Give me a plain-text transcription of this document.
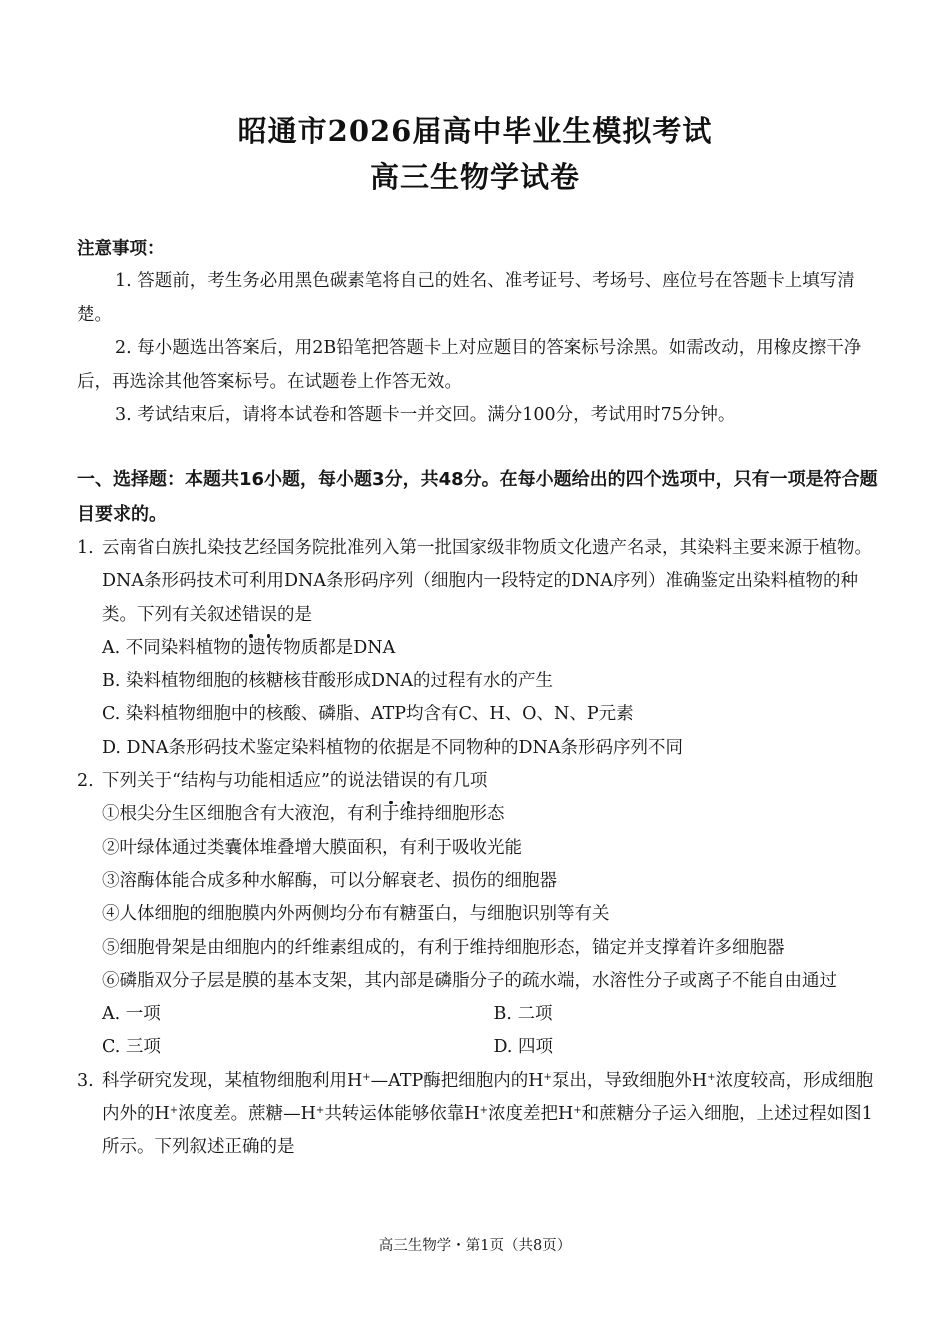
昭通市2026届高中毕业生模拟考试
高三生物学试卷
注意事项：
1. 答题前，考生务必用黑色碳素笔将自己的姓名、准考证号、考场号、座位号在答题卡上填写清楚。
2. 每小题选出答案后，用2B铅笔把答题卡上对应题目的答案标号涂黑。如需改动，用橡皮擦干净后，再选涂其他答案标号。在试题卷上作答无效。
3. 考试结束后，请将本试卷和答题卡一并交回。满分100分，考试用时75分钟。
一、选择题：本题共16小题，每小题3分，共48分。在每小题给出的四个选项中，只有一项是符合题目要求的。
1. 云南省白族扎染技艺经国务院批准列入第一批国家级非物质文化遗产名录，其染料主要来源于植物。DNA条形码技术可利用DNA条形码序列（细胞内一段特定的DNA序列）准确鉴定出染料植物的种类。下列有关叙述错误的是
A. 不同染料植物的遗传物质都是DNA
B. 染料植物细胞的核糖核苷酸形成DNA的过程有水的产生
C. 染料植物细胞中的核酸、磷脂、ATP均含有C、H、O、N、P元素
D. DNA条形码技术鉴定染料植物的依据是不同物种的DNA条形码序列不同
2. 下列关于“结构与功能相适应”的说法错误的有几项
①根尖分生区细胞含有大液泡，有利于维持细胞形态
②叶绿体通过类囊体堆叠增大膜面积，有利于吸收光能
③溶酶体能合成多种水解酶，可以分解衰老、损伤的细胞器
④人体细胞的细胞膜内外两侧均分布有糖蛋白，与细胞识别等有关
⑤细胞骨架是由细胞内的纤维素组成的，有利于维持细胞形态，锚定并支撑着许多细胞器
⑥磷脂双分子层是膜的基本支架，其内部是磷脂分子的疏水端，水溶性分子或离子不能自由通过
A. 一项	B. 二项
C. 三项	D. 四项
3. 科学研究发现，某植物细胞利用H+—ATP酶把细胞内的H+泵出，导致细胞外H+浓度较高，形成细胞内外的H+浓度差。蔗糖—H+共转运体能够依靠H+浓度差把H+和蔗糖分子运入细胞，上述过程如图1所示。下列叙述正确的是
高三生物学・第1页（共8页）
